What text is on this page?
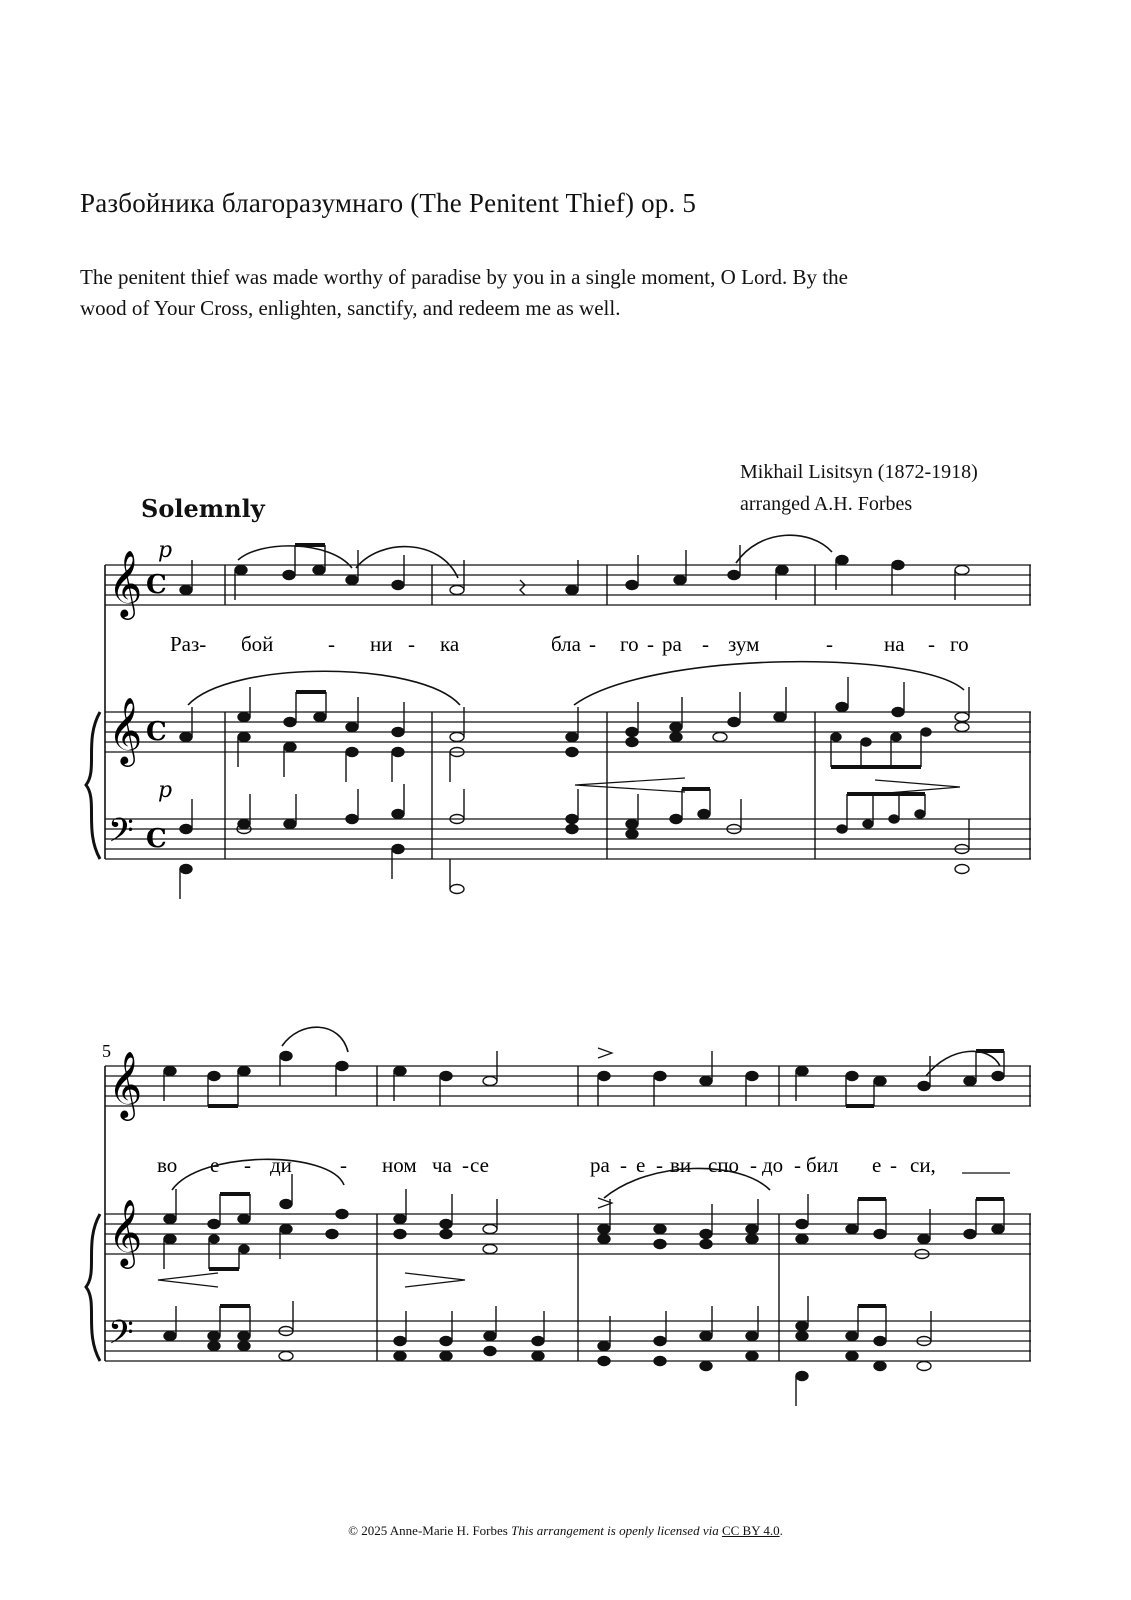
Разбойника благоразумнаго (The Penitent Thief) op. 5
The penitent thief was made worthy of paradise by you in a single moment, O Lord. By the wood of Your Cross, enlighten, sanctify, and redeem me as well.
Mikhail Lisitsyn (1872-1918)
arranged A.H. Forbes
Solemnly
𝄞
𝄞
𝄢
C
C
C
p
p
Раз- бой	- ни - ка	бла - го - ра - зум	- на - го
5
𝄞
𝄞
𝄢
во е - ди - ном ча - се	ра - е - ви спо - до - бил е - си,
© 2025 Anne-Marie H. Forbes This arrangement is openly licensed via CC BY 4.0.
